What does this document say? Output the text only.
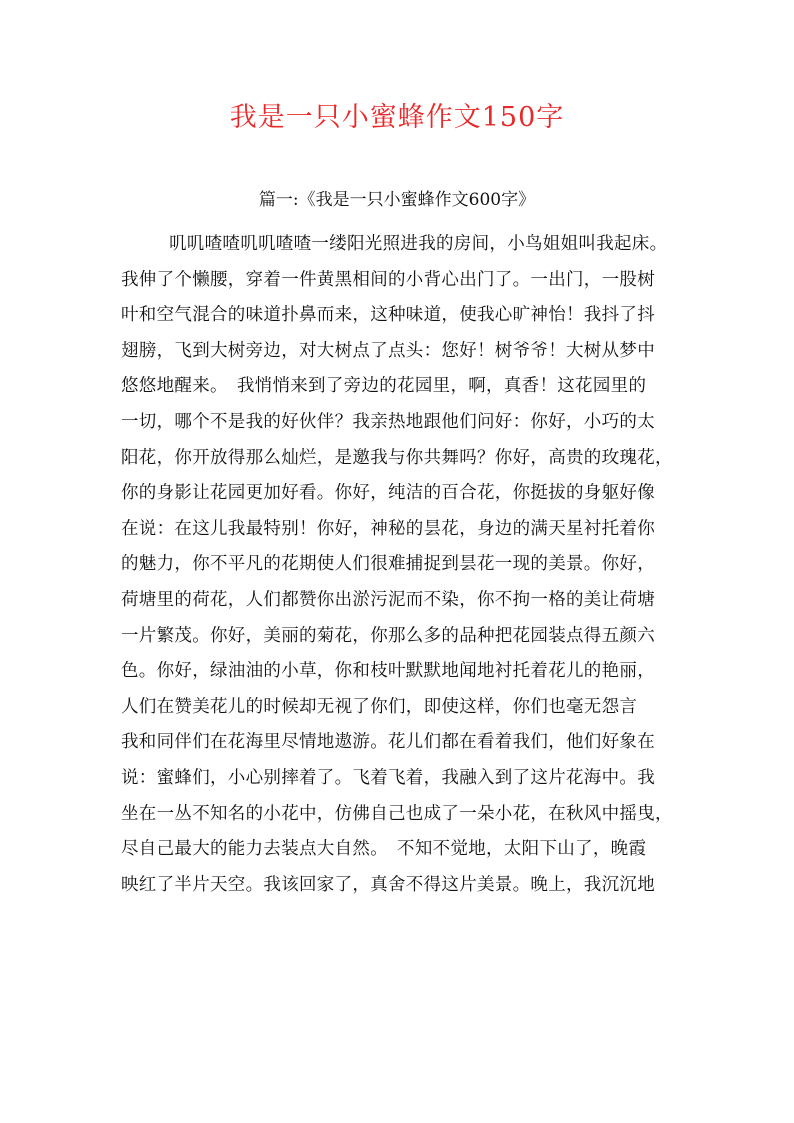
我是一只小蜜蜂作文150字
篇一:《我是一只小蜜蜂作文600字》
叽叽喳喳叽叽喳喳一缕阳光照进我的房间，小鸟姐姐叫我起床。
我伸了个懒腰，穿着一件黄黑相间的小背心出门了。一出门，一股树
叶和空气混合的味道扑鼻而来，这种味道，使我心旷神怡！我抖了抖
翅膀，飞到大树旁边，对大树点了点头：您好！树爷爷！大树从梦中
悠悠地醒来。　我悄悄来到了旁边的花园里，啊，真香！这花园里的
一切，哪个不是我的好伙伴？我亲热地跟他们问好：你好，小巧的太
阳花，你开放得那么灿烂，是邀我与你共舞吗？你好，高贵的玫瑰花，
你的身影让花园更加好看。你好，纯洁的百合花，你挺拔的身躯好像
在说：在这儿我最特别！你好，神秘的昙花，身边的满天星衬托着你
的魅力，你不平凡的花期使人们很难捕捉到昙花一现的美景。你好，
荷塘里的荷花，人们都赞你出淤污泥而不染，你不拘一格的美让荷塘
一片繁茂。你好，美丽的菊花，你那么多的品种把花园装点得五颜六
色。你好，绿油油的小草，你和枝叶默默地闻地衬托着花儿的艳丽，
人们在赞美花儿的时候却无视了你们，即使这样，你们也毫无怨言
我和同伴们在花海里尽情地遨游。花儿们都在看着我们，他们好象在
说：蜜蜂们，小心别摔着了。飞着飞着，我融入到了这片花海中。我
坐在一丛不知名的小花中，仿佛自己也成了一朵小花，在秋风中摇曳，
尽自己最大的能力去装点大自然。　不知不觉地，太阳下山了，晚霞
映红了半片天空。我该回家了，真舍不得这片美景。晚上，我沉沉地
